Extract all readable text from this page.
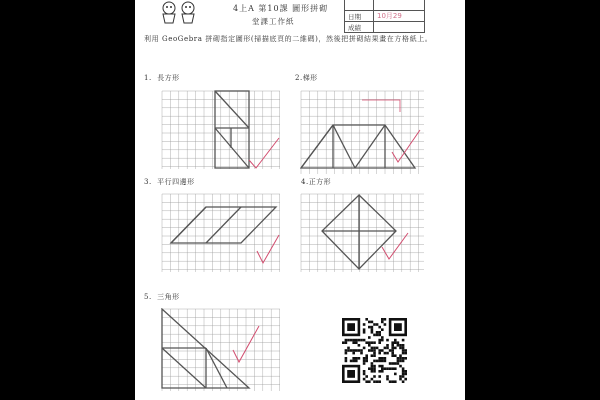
4上A 第10課 圖形拼砌
堂課工作紙

日期	10月29
成績	
利用 GeoGebra 拼砌指定圖形(掃描底頁的二維碼)，然後把拼砌結果畫在方格紙上。
1. 長方形	2.梯形
3. 平行四邊形	4.正方形
5. 三角形
